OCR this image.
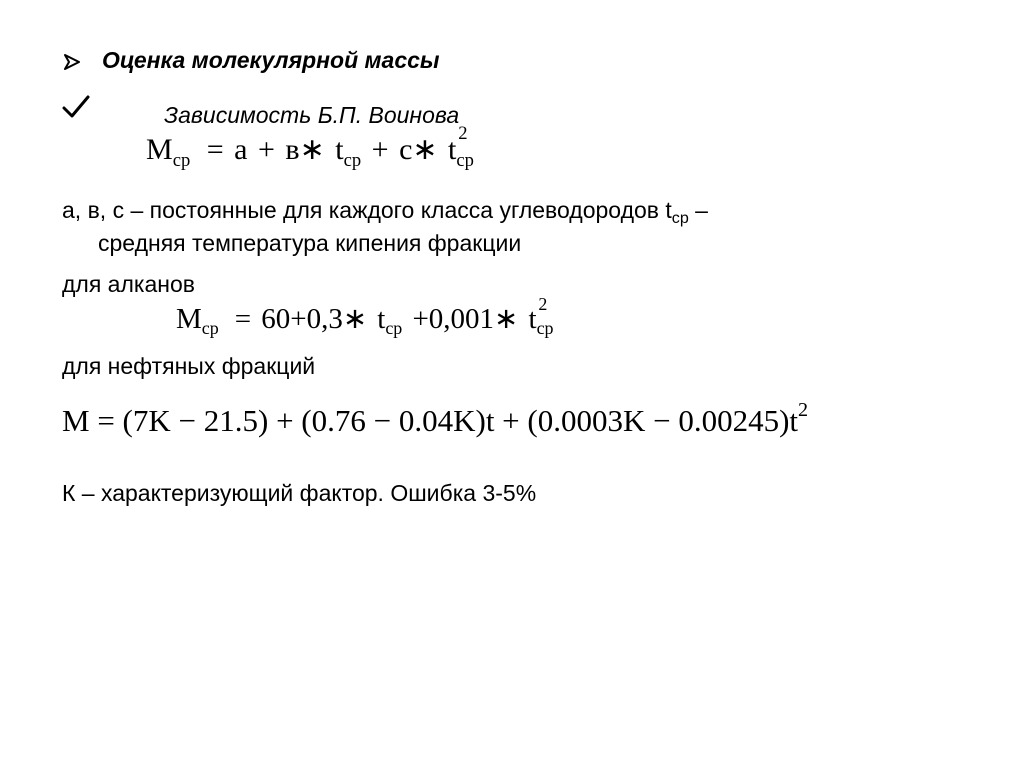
Оценка молекулярной массы
Зависимость Б.П. Воинова
$M_{ср} = a$ + в∗ $t_{ср}$ + c∗ t 2
$_{ср}$
a, в, с – постоянные для каждого класса углеводородов $t_{ср}$ –
средняя температура кипения фракции
для алканов
$M_{ср}$ = 60+0,3∗ $t_{ср}$ +0,001∗ t 2
$_{ср}$
для нефтяных фракций
$M = (7K - 21.5) + (0.76 - 0.04K)t + (0.0003K - 0.00245)t^2$
К – характеризующий фактор. Ошибка 3-5%
